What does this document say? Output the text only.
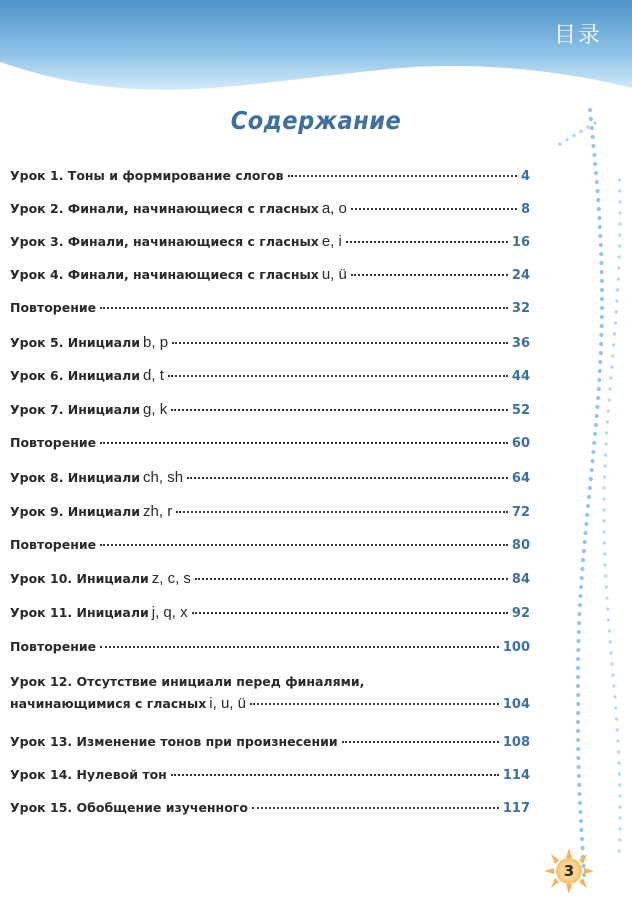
目录
Содержание
Урок 1. Тоны и формирование слогов	4
Урок 2. Финали, начинающиеся с гласных a, o	8
Урок 3. Финали, начинающиеся с гласных e, i	16
Урок 4. Финали, начинающиеся с гласных u, ü	24
Повторение	32
Урок 5. Инициали b, p	36
Урок 6. Инициали d, t	44
Урок 7. Инициали g, k	52
Повторение	60
Урок 8. Инициали ch, sh	64
Урок 9. Инициали zh, r	72
Повторение	80
Урок 10. Инициали z, c, s	84
Урок 11. Инициали j, q, x	92
Повторение	100
Урок 12. Отсутствие инициали перед финалями,
начинающимися с гласных i, u, ü	104
Урок 13. Изменение тонов при произнесении	108
Урок 14. Нулевой тон	114
Урок 15. Обобщение изученного	117
3
